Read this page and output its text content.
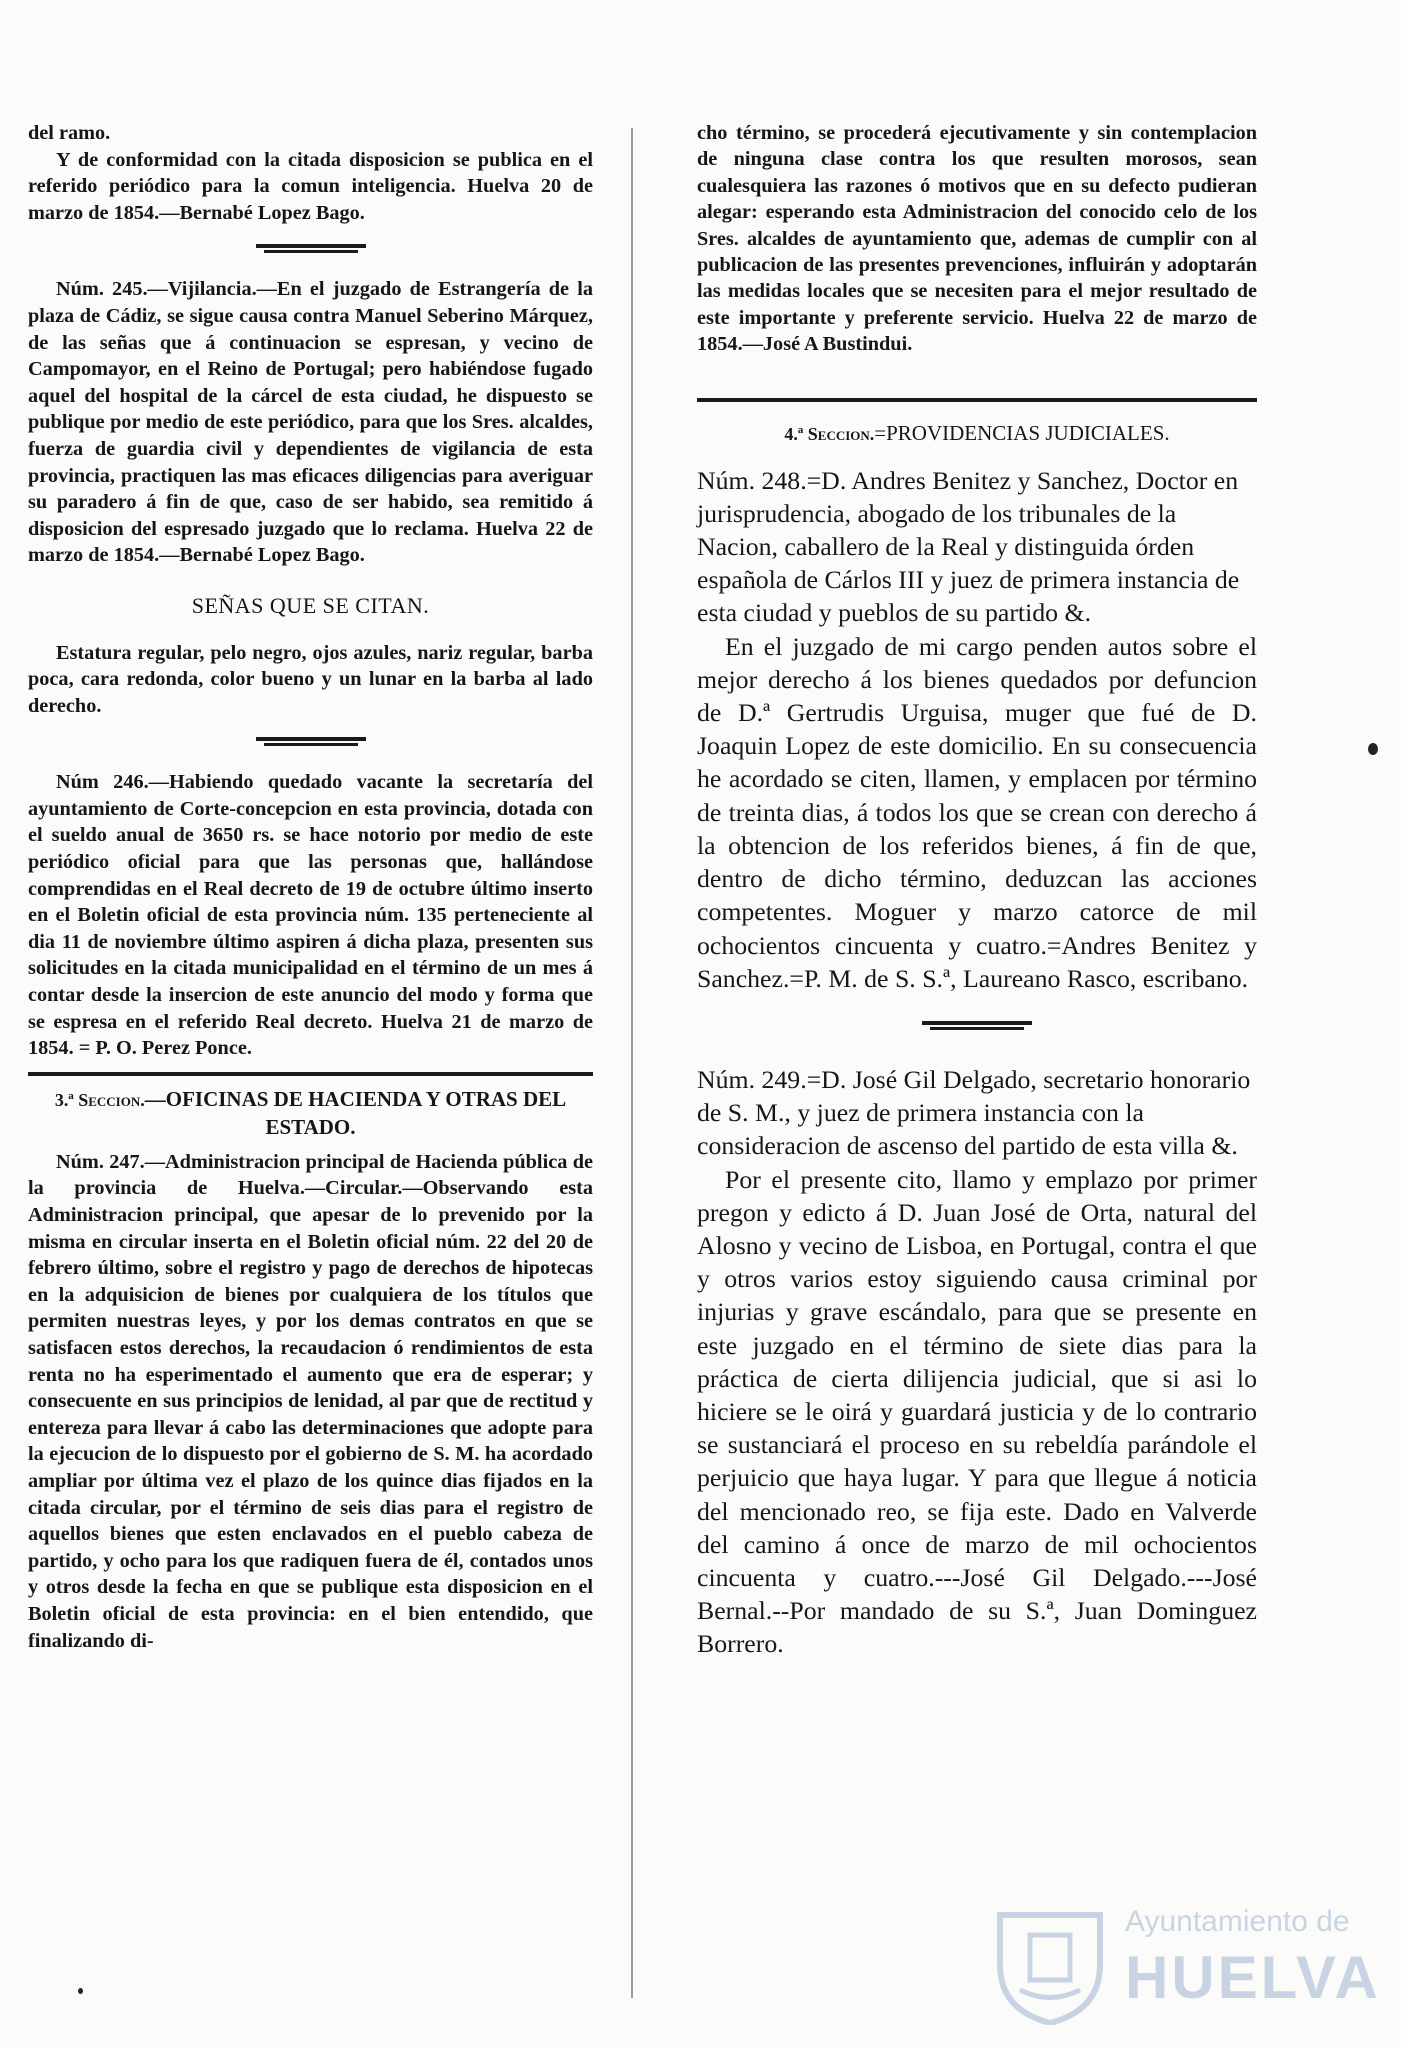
del ramo.

Y de conformidad con la citada disposicion se publica en el referido periódico para la comun inteligencia. Huelva 20 de marzo de 1854.—Bernabé Lopez Bago.

Núm. 245.—Vijilancia.—En el juzgado de Estrangería de la plaza de Cádiz, se sigue causa contra Manuel Seberino Márquez, de las señas que á continuacion se espresan, y vecino de Campomayor, en el Reino de Portugal; pero habiéndose fugado aquel del hospital de la cárcel de esta ciudad, he dispuesto se publique por medio de este periódico, para que los Sres. alcaldes, fuerza de guardia civil y dependientes de vigilancia de esta provincia, practiquen las mas eficaces diligencias para averiguar su paradero á fin de que, caso de ser habido, sea remitido á disposicion del espresado juzgado que lo reclama. Huelva 22 de marzo de 1854.—Bernabé Lopez Bago.

SEÑAS QUE SE CITAN.

Estatura regular, pelo negro, ojos azules, nariz regular, barba poca, cara redonda, color bueno y un lunar en la barba al lado derecho.

Núm 246.—Habiendo quedado vacante la secretaría del ayuntamiento de Corte-concepcion en esta provincia, dotada con el sueldo anual de 3650 rs. se hace notorio por medio de este periódico oficial para que las personas que, hallándose comprendidas en el Real decreto de 19 de octubre último inserto en el Boletin oficial de esta provincia núm. 135 perteneciente al dia 11 de noviembre último aspiren á dicha plaza, presenten sus solicitudes en la citada municipalidad en el término de un mes á contar desde la insercion de este anuncio del modo y forma que se espresa en el referido Real decreto. Huelva 21 de marzo de 1854. = P. O. Perez Ponce.

3.ª Seccion.—OFICINAS DE HACIENDA Y OTRAS DEL ESTADO.

Núm. 247.—Administracion principal de Hacienda pública de la provincia de Huelva.—Circular.—Observando esta Administracion principal, que apesar de lo prevenido por la misma en circular inserta en el Boletin oficial núm. 22 del 20 de febrero último, sobre el registro y pago de derechos de hipotecas en la adquisicion de bienes por cualquiera de los títulos que permiten nuestras leyes, y por los demas contratos en que se satisfacen estos derechos, la recaudacion ó rendimientos de esta renta no ha esperimentado el aumento que era de esperar; y consecuente en sus principios de lenidad, al par que de rectitud y entereza para llevar á cabo las determinaciones que adopte para la ejecucion de lo dispuesto por el gobierno de S. M. ha acordado ampliar por última vez el plazo de los quince dias fijados en la citada circular, por el término de seis dias para el registro de aquellos bienes que esten enclavados en el pueblo cabeza de partido, y ocho para los que radiquen fuera de él, contados unos y otros desde la fecha en que se publique esta disposicion en el Boletin oficial de esta provincia: en el bien entendido, que finalizando di-

cho término, se procederá ejecutivamente y sin contemplacion de ninguna clase contra los que resulten morosos, sean cualesquiera las razones ó motivos que en su defecto pudieran alegar: esperando esta Administracion del conocido celo de los Sres. alcaldes de ayuntamiento que, ademas de cumplir con al publicacion de las presentes prevenciones, influirán y adoptarán las medidas locales que se necesiten para el mejor resultado de este importante y preferente servicio. Huelva 22 de marzo de 1854.—José A Bustindui.

4.ª Seccion.=PROVIDENCIAS JUDICIALES.

Núm. 248.=D. Andres Benitez y Sanchez, Doctor en jurisprudencia, abogado de los tribunales de la Nacion, caballero de la Real y distinguida órden española de Cárlos III y juez de primera instancia de esta ciudad y pueblos de su partido &.

En el juzgado de mi cargo penden autos sobre el mejor derecho á los bienes quedados por defuncion de D.ª Gertrudis Urguisa, muger que fué de D. Joaquin Lopez de este domicilio. En su consecuencia he acordado se citen, llamen, y emplacen por término de treinta dias, á todos los que se crean con derecho á la obtencion de los referidos bienes, á fin de que, dentro de dicho término, deduzcan las acciones competentes. Moguer y marzo catorce de mil ochocientos cincuenta y cuatro.=Andres Benitez y Sanchez.=P. M. de S. S.ª, Laureano Rasco, escribano.

Núm. 249.=D. José Gil Delgado, secretario honorario de S. M., y juez de primera instancia con la consideracion de ascenso del partido de esta villa &.

Por el presente cito, llamo y emplazo por primer pregon y edicto á D. Juan José de Orta, natural del Alosno y vecino de Lisboa, en Portugal, contra el que y otros varios estoy siguiendo causa criminal por injurias y grave escándalo, para que se presente en este juzgado en el término de siete dias para la práctica de cierta dilijencia judicial, que si asi lo hiciere se le oirá y guardará justicia y de lo contrario se sustanciará el proceso en su rebeldía parándole el perjuicio que haya lugar. Y para que llegue á noticia del mencionado reo, se fija este. Dado en Valverde del camino á once de marzo de mil ochocientos cincuenta y cuatro.---José Gil Delgado.---José Bernal.--Por mandado de su S.ª, Juan Dominguez Borrero.

Ayuntamiento de
HUELVA
